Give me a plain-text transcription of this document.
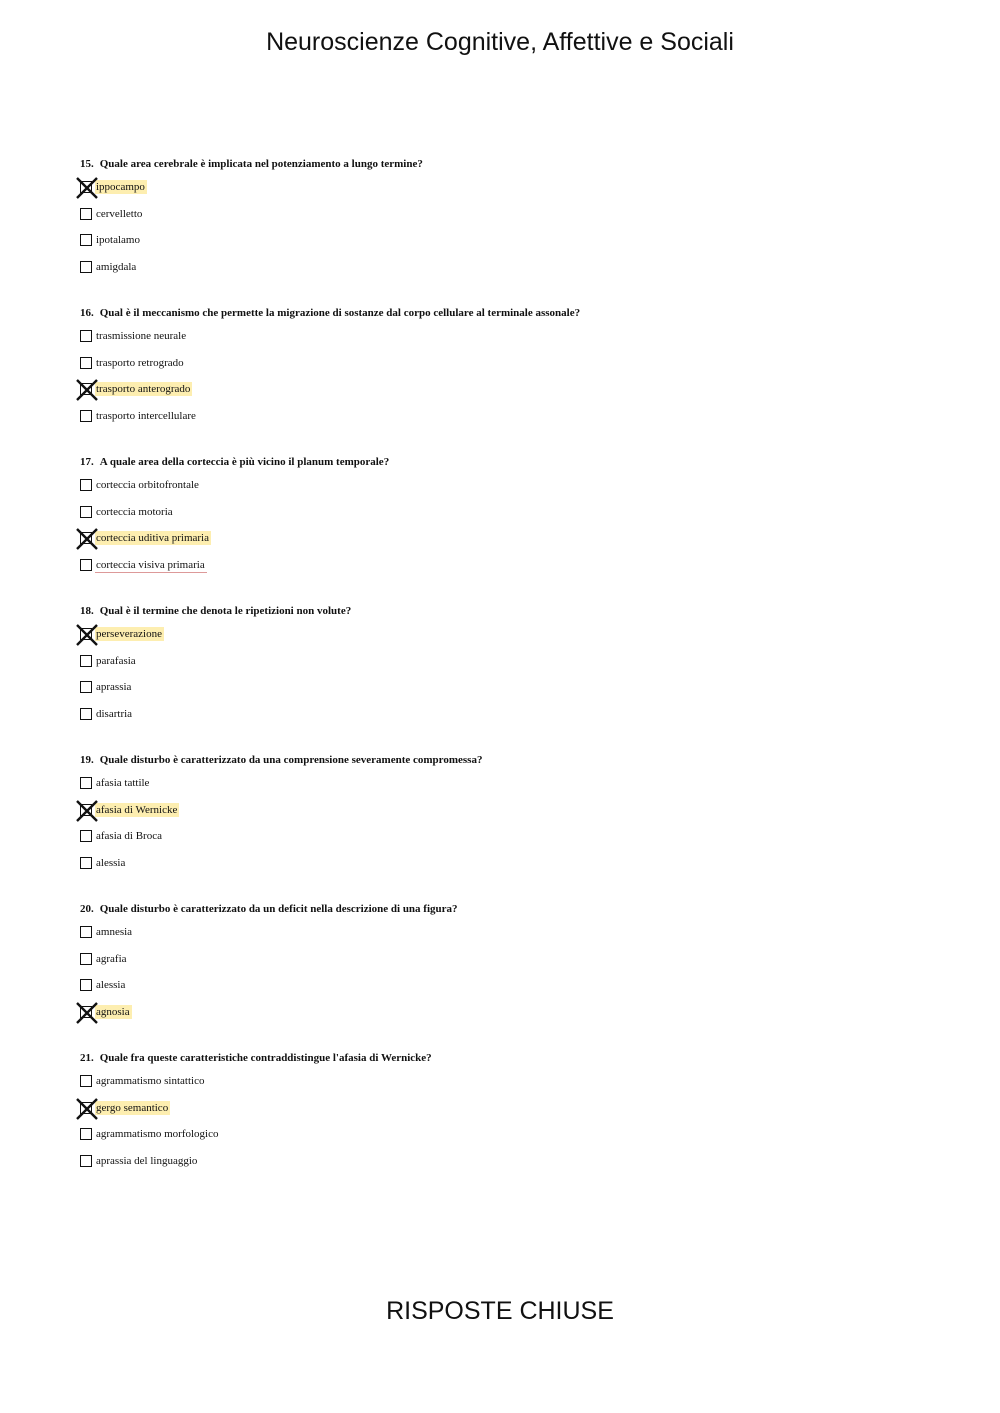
Neuroscienze Cognitive, Affettive e Sociali
15. Quale area cerebrale è implicata nel potenziamento a lungo termine?
ippocampo
cervelletto
ipotalamo
amigdala
16. Qual è il meccanismo che permette la migrazione di sostanze dal corpo cellulare al terminale assonale?
trasmissione neurale
trasporto retrogrado
trasporto anterogrado
trasporto intercellulare
17. A quale area della corteccia è più vicino il planum temporale?
corteccia orbitofrontale
corteccia motoria
corteccia uditiva primaria
corteccia visiva primaria
18. Qual è il termine che denota le ripetizioni non volute?
perseverazione
parafasia
aprassia
disartria
19. Quale disturbo è caratterizzato da una comprensione severamente compromessa?
afasia tattile
afasia di Wernicke
afasia di Broca
alessia
20. Quale disturbo è caratterizzato da un deficit nella descrizione di una figura?
amnesia
agrafia
alessia
agnosia
21. Quale fra queste caratteristiche contraddistingue l'afasia di Wernicke?
agrammatismo sintattico
gergo semantico
agrammatismo morfologico
aprassia del linguaggio
RISPOSTE CHIUSE
